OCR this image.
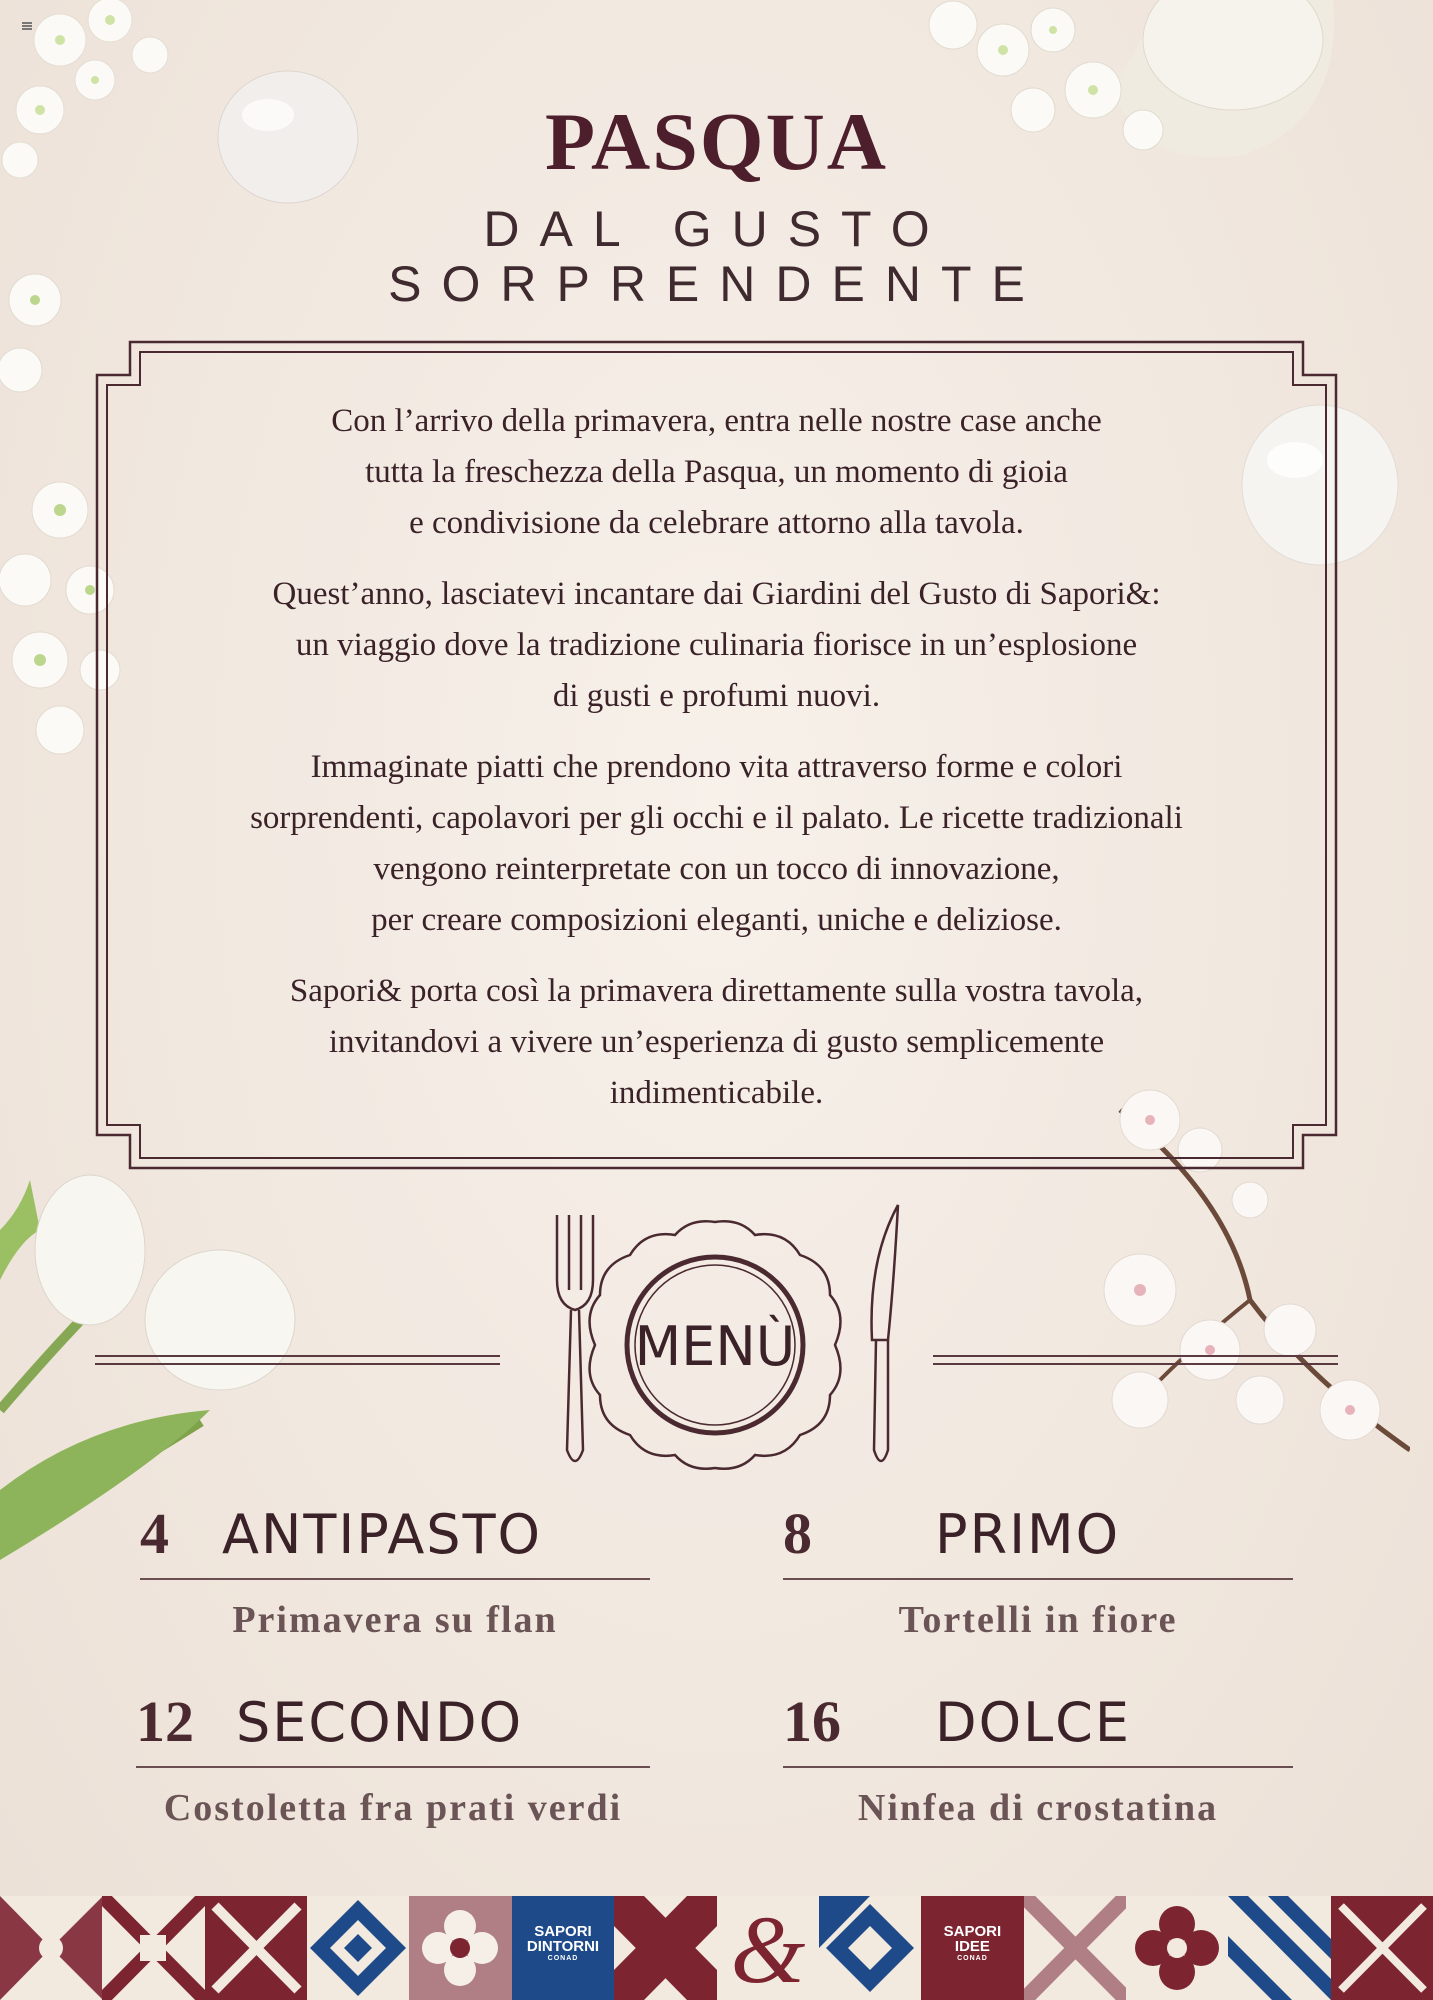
PASQUA
DAL GUSTO
SORPRENDENTE

Con l’arrivo della primavera, entra nelle nostre case anche
tutta la freschezza della Pasqua, un momento di gioia
e condivisione da celebrare attorno alla tavola.

Quest’anno, lasciatevi incantare dai Giardini del Gusto di Sapori&:
un viaggio dove la tradizione culinaria fiorisce in un’esplosione
di gusti e profumi nuovi.

Immaginate piatti che prendono vita attraverso forme e colori
sorprendenti, capolavori per gli occhi e il palato. Le ricette tradizionali
vengono reinterpretate con un tocco di innovazione,
per creare composizioni eleganti, uniche e deliziose.

Sapori& porta così la primavera direttamente sulla vostra tavola,
invitandovi a vivere un’esperienza di gusto semplicemente
indimenticabile.

MENÙ
4 ANTIPASTO
Primavera su flan
8	PRIMO
Tortelli in fiore
12 SECONDO
Costoletta fra prati verdi
16	DOLCE
Ninfea di crostatina
SAPORI
DINTORNI
CONAD	&	SAPORI
IDEE
CONAD
